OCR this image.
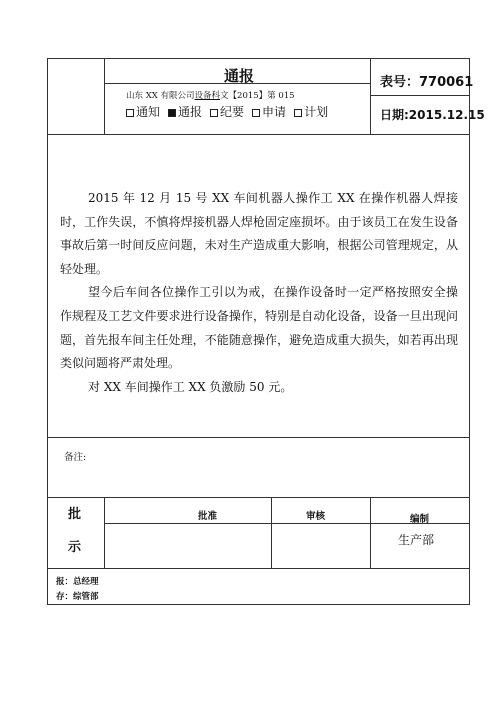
通报
山东 XX 有限公司设备科文【2015】第 015
通知 通报 纪要 申请 计划
表号：770061
日期:2015.12.15

2015 年 12 月 15 号 XX 车间机器人操作工 XX 在操作机器人焊接时，工作失误，不慎将焊接机器人焊枪固定座损坏。由于该员工在发生设备事故后第一时间反应问题，未对生产造成重大影响，根据公司管理规定，从轻处理。

望今后车间各位操作工引以为戒，在操作设备时一定严格按照安全操作规程及工艺文件要求进行设备操作，特别是自动化设备，设备一旦出现问题，首先报车间主任处理，不能随意操作，避免造成重大损失，如若再出现类似问题将严肃处理。

对 XX 车间操作工 XX 负激励 50 元。

备注:
批
示
批准	审核	编制
生产部
报：总经理
存：综管部
